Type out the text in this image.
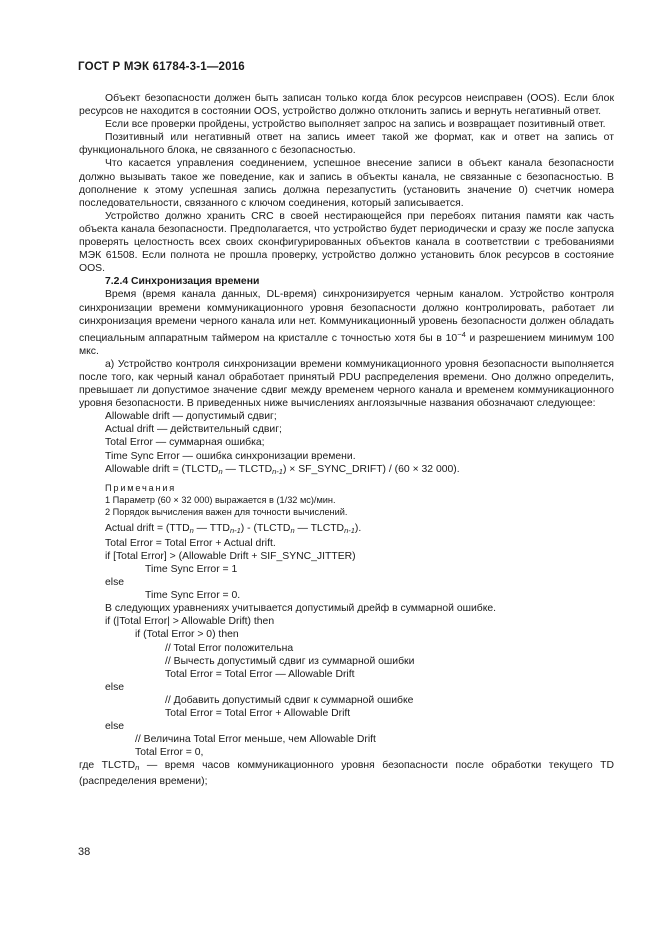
ГОСТ Р МЭК 61784-3-1—2016

Объект безопасности должен быть записан только когда блок ресурсов неисправен (OOS). Если блок ресурсов не находится в состоянии OOS, устройство должно отклонить запись и вернуть негативный ответ.

Если все проверки пройдены, устройство выполняет запрос на запись и возвращает позитивный ответ.

Позитивный или негативный ответ на запись имеет такой же формат, как и ответ на запись от функционального блока, не связанного с безопасностью.

Что касается управления соединением, успешное внесение записи в объект канала безопасности должно вызывать такое же поведение, как и запись в объекты канала, не связанные с безопасностью. В дополнение к этому успешная запись должна перезапустить (установить значение 0) счетчик номера последовательности, связанного с ключом соединения, который записывается.

Устройство должно хранить CRC в своей нестирающейся при перебоях питания памяти как часть объекта канала безопасности. Предполагается, что устройство будет периодически и сразу же после запуска проверять целостность всех своих сконфигурированных объектов канала в соответствии с требованиями МЭК 61508. Если полнота не прошла проверку, устройство должно установить блок ресурсов в состояние OOS.

7.2.4 Синхронизация времени

Время (время канала данных, DL-время) синхронизируется черным каналом. Устройство контроля синхронизации времени коммуникационного уровня безопасности должно контролировать, работает ли синхронизация времени черного канала или нет. Коммуникационный уровень безопасности должен обладать специальным аппаратным таймером на кристалле с точностью хотя бы в $10^{-4}$ и разрешением минимум 100 мкс.

а) Устройство контроля синхронизации времени коммуникационного уровня безопасности выполняется после того, как черный канал обработает принятый PDU распределения времени. Оно должно определить, превышает ли допустимое значение сдвиг между временем черного канала и временем коммуникационного уровня безопасности. В приведенных ниже вычислениях англоязычные названия обозначают следующее:

Allowable drift — допустимый сдвиг;

Actual drift — действительный сдвиг;

Total Error — суммарная ошибка;

Time Sync Error — ошибка синхронизации времени.

Allowable drift = ($TLCTD_n$ — $TLCTD_{n-1}$) × SF_SYNC_DRIFT) / (60 × 32 000).

Примечания

1 Параметр (60 × 32 000) выражается в (1/32 мс)/мин.

2 Порядок вычисления важен для точности вычислений.

Actual drift = ($TTD_n$ — $TTD_{n-1}$) - ($TLCTD_n$ — $TLCTD_{n-1}$).

Total Error = Total Error + Actual drift.

if [Total Error] > (Allowable Drift + SIF_SYNC_JITTER)

Time Sync Error = 1

else

Time Sync Error = 0.

В следующих уравнениях учитывается допустимый дрейф в суммарной ошибке.

if (|Total Error| > Allowable Drift) then

if (Total Error > 0) then

// Total Error положительна

// Вычесть допустимый сдвиг из суммарной ошибки

Total Error = Total Error — Allowable Drift

else

// Добавить допустимый сдвиг к суммарной ошибке

Total Error = Total Error + Allowable Drift

else

// Величина Total Error меньше, чем Allowable Drift

Total Error = 0,

где $TLCTD_n$ — время часов коммуникационного уровня безопасности после обработки текущего TD (распределения времени);

38
